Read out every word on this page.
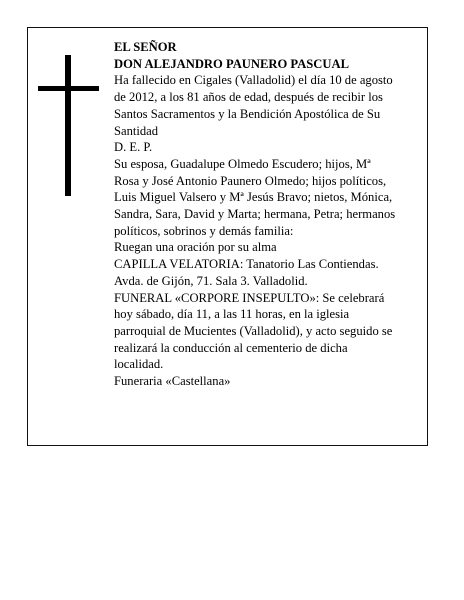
EL SEÑOR
DON ALEJANDRO PAUNERO PASCUAL
Ha fallecido en Cigales (Valladolid) el día 10 de agosto
de 2012, a los 81 años de edad, después de recibir los
Santos Sacramentos y la Bendición Apostólica de Su
Santidad
D. E. P.
Su esposa, Guadalupe Olmedo Escudero; hijos, Mª
Rosa y José Antonio Paunero Olmedo; hijos políticos,
Luis Miguel Valsero y Mª Jesús Bravo; nietos, Mónica,
Sandra, Sara, David y Marta; hermana, Petra; hermanos
políticos, sobrinos y demás familia:
Ruegan una oración por su alma
CAPILLA VELATORIA: Tanatorio Las Contiendas.
Avda. de Gijón, 71. Sala 3. Valladolid.
FUNERAL «CORPORE INSEPULTO»: Se celebrará
hoy sábado, día 11, a las 11 horas, en la iglesia
parroquial de Mucientes (Valladolid), y acto seguido se
realizará la conducción al cementerio de dicha
localidad.
Funeraria «Castellana»
